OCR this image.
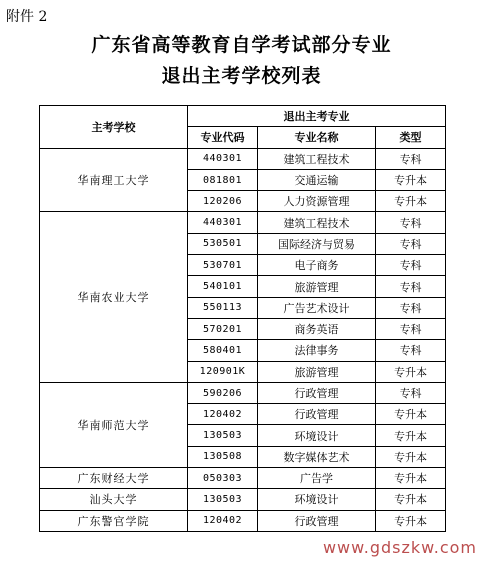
附件 2
广东省高等教育自学考试部分专业
退出主考学校列表
主考学校	退出主考专业		
	专业代码	专业名称	类型
华南理工大学	440301	建筑工程技术	专科
	081801	交通运输	专升本
	120206	人力资源管理	专升本
华南农业大学	440301	建筑工程技术	专科
	530501	国际经济与贸易	专科
	530701	电子商务	专科
	540101	旅游管理	专科
	550113	广告艺术设计	专科
	570201	商务英语	专科
	580401	法律事务	专科
	120901K	旅游管理	专升本
华南师范大学	590206	行政管理	专科
	120402	行政管理	专升本
	130503	环境设计	专升本
	130508	数字媒体艺术	专升本
广东财经大学	050303	广告学	专升本
汕头大学	130503	环境设计	专升本
广东警官学院	120402	行政管理	专升本
www.gdszkw.com
